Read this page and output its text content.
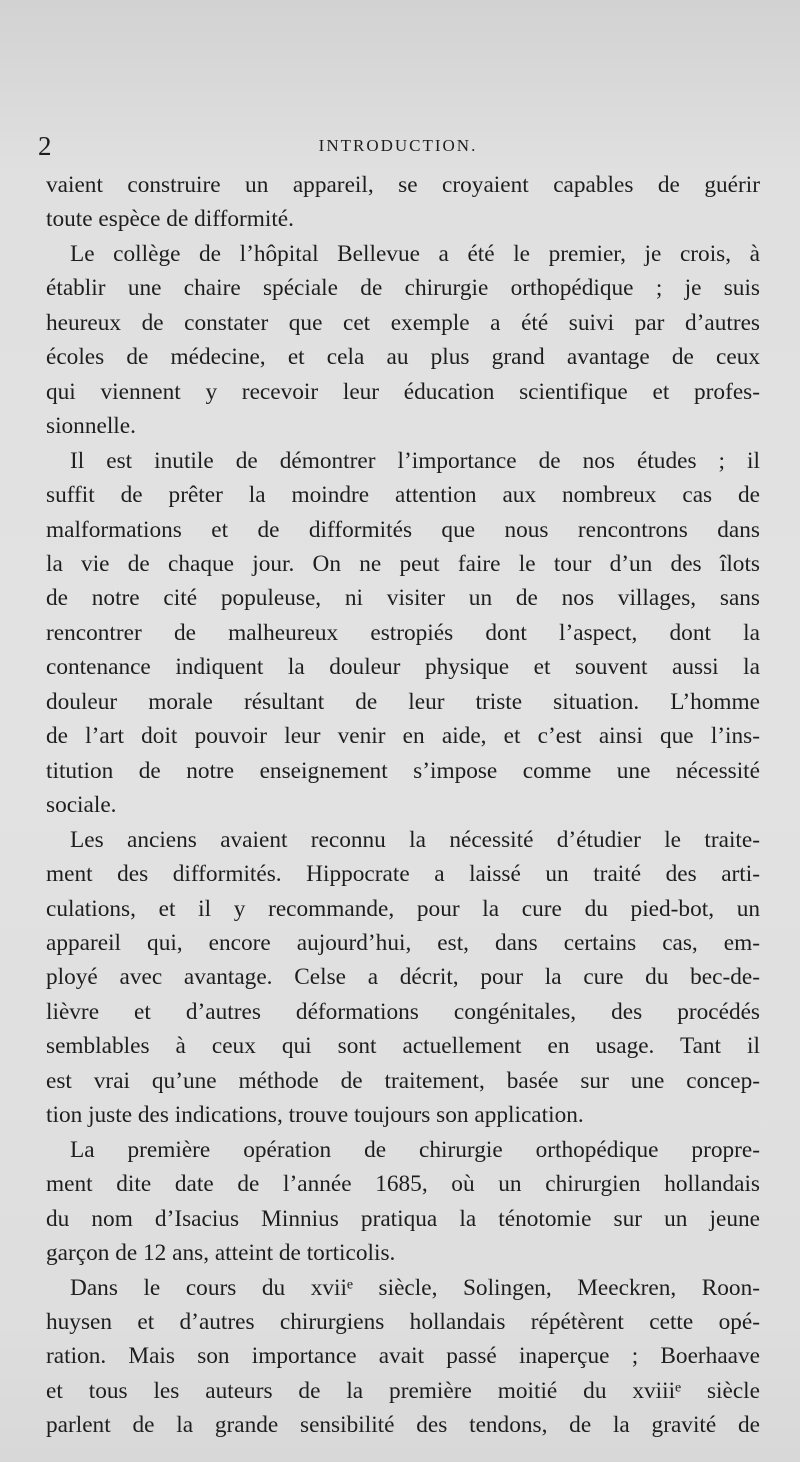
2	INTRODUCTION.
vaient construire un appareil, se croyaient capables de guérir
toute espèce de difformité.
Le collège de l’hôpital Bellevue a été le premier, je crois, à
établir une chaire spéciale de chirurgie orthopédique ; je suis
heureux de constater que cet exemple a été suivi par d’autres
écoles de médecine, et cela au plus grand avantage de ceux
qui viennent y recevoir leur éducation scientifique et profes-
sionnelle.
Il est inutile de démontrer l’importance de nos études ; il
suffit de prêter la moindre attention aux nombreux cas de
malformations et de difformités que nous rencontrons dans
la vie de chaque jour. On ne peut faire le tour d’un des îlots
de notre cité populeuse, ni visiter un de nos villages, sans
rencontrer de malheureux estropiés dont l’aspect, dont la
contenance indiquent la douleur physique et souvent aussi la
douleur morale résultant de leur triste situation. L’homme
de l’art doit pouvoir leur venir en aide, et c’est ainsi que l’ins-
titution de notre enseignement s’impose comme une nécessité
sociale.
Les anciens avaient reconnu la nécessité d’étudier le traite-
ment des difformités. Hippocrate a laissé un traité des arti-
culations, et il y recommande, pour la cure du pied-bot, un
appareil qui, encore aujourd’hui, est, dans certains cas, em-
ployé avec avantage. Celse a décrit, pour la cure du bec-de-
lièvre et d’autres déformations congénitales, des procédés
semblables à ceux qui sont actuellement en usage. Tant il
est vrai qu’une méthode de traitement, basée sur une concep-
tion juste des indications, trouve toujours son application.
La première opération de chirurgie orthopédique propre-
ment dite date de l’année 1685, où un chirurgien hollandais
du nom d’Isacius Minnius pratiqua la ténotomie sur un jeune
garçon de 12 ans, atteint de torticolis.
Dans le cours du xviiᵉ siècle, Solingen, Meeckren, Roon-
huysen et d’autres chirurgiens hollandais répétèrent cette opé-
ration. Mais son importance avait passé inaperçue ; Boerhaave
et tous les auteurs de la première moitié du xviiiᵉ siècle
parlent de la grande sensibilité des tendons, de la gravité de
